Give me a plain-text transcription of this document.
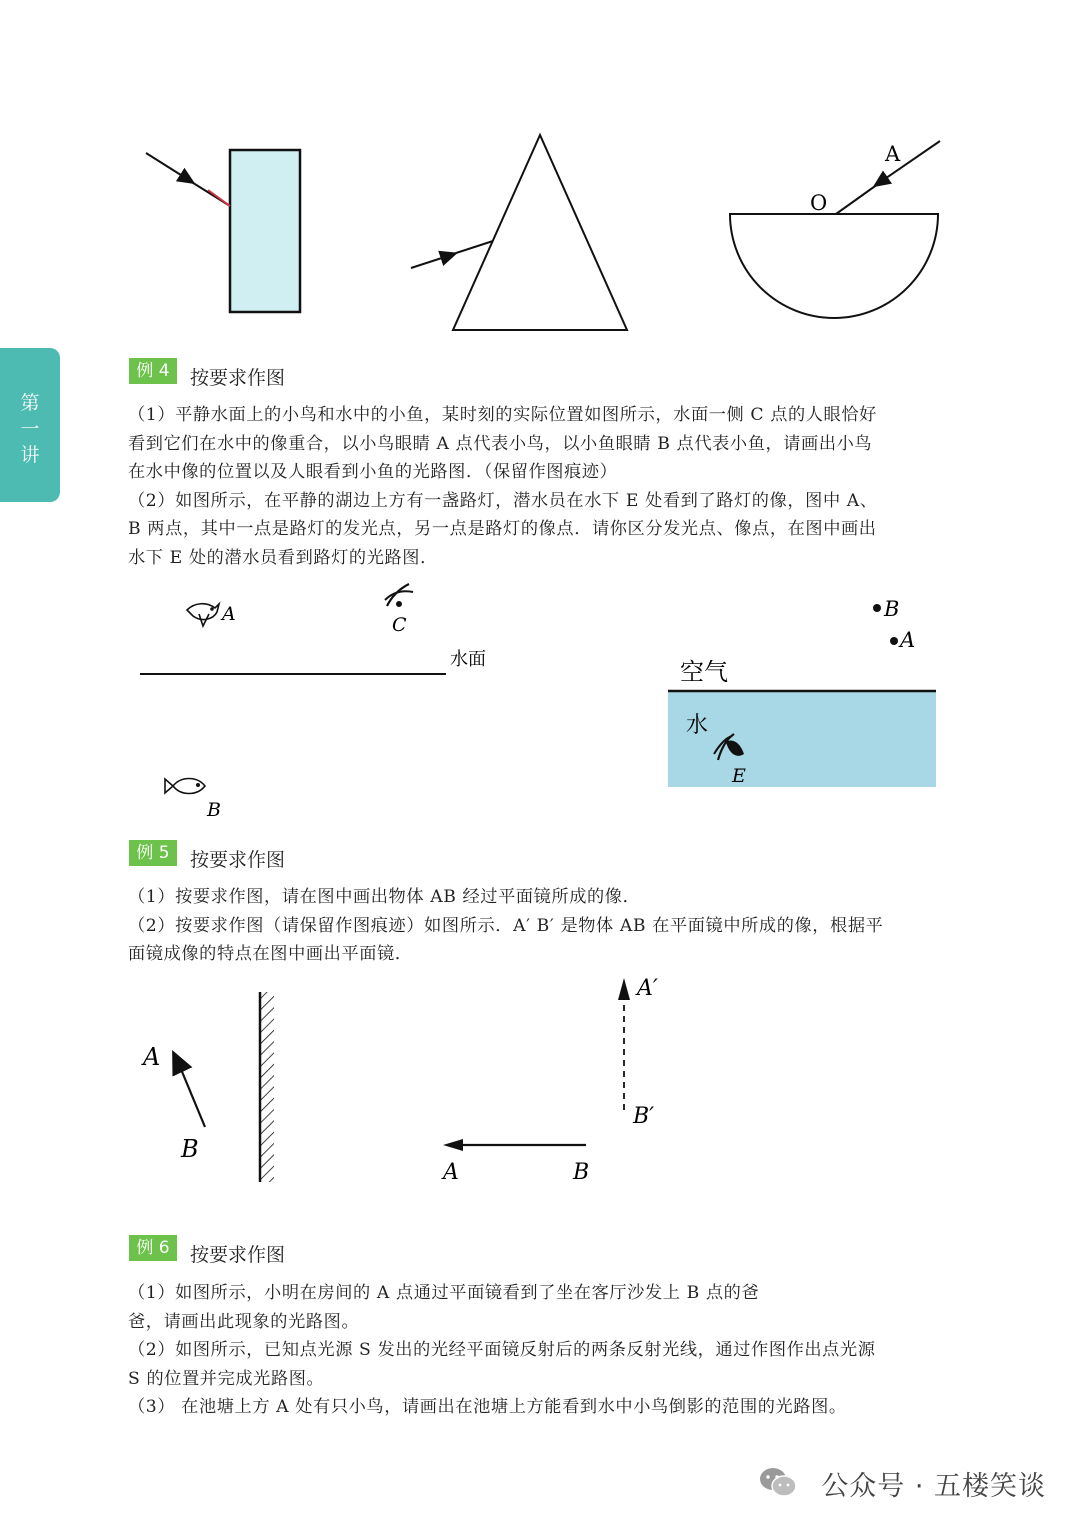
第
一
讲
A
O
例 4	按要求作图
（1）平静水面上的小鸟和水中的小鱼，某时刻的实际位置如图所示，水面一侧 C 点的人眼恰好
看到它们在水中的像重合，以小鸟眼睛 A 点代表小鸟，以小鱼眼睛 B 点代表小鱼，请画出小鸟
在水中像的位置以及人眼看到小鱼的光路图．（保留作图痕迹）
（2）如图所示，在平静的湖边上方有一盏路灯，潜水员在水下 E 处看到了路灯的像，图中 A、
B 两点，其中一点是路灯的发光点，另一点是路灯的像点．请你区分发光点、像点，在图中画出
水下 E 处的潜水员看到路灯的光路图．
A	C
水面
B
B
A
空气
水
E
例 5	按要求作图
（1）按要求作图，请在图中画出物体 AB 经过平面镜所成的像．
（2）按要求作图（请保留作图痕迹）如图所示．A′ B′ 是物体 AB 在平面镜中所成的像，根据平
面镜成像的特点在图中画出平面镜．
A
B
A′
B′
A	B
例 6	按要求作图
（1）如图所示，小明在房间的 A 点通过平面镜看到了坐在客厅沙发上 B 点的爸
爸，请画出此现象的光路图。
（2）如图所示，已知点光源 S 发出的光经平面镜反射后的两条反射光线，通过作图作出点光源
S 的位置并完成光路图。
（3） 在池塘上方 A 处有只小鸟，请画出在池塘上方能看到水中小鸟倒影的范围的光路图。
公众号 · 五楼笑谈
